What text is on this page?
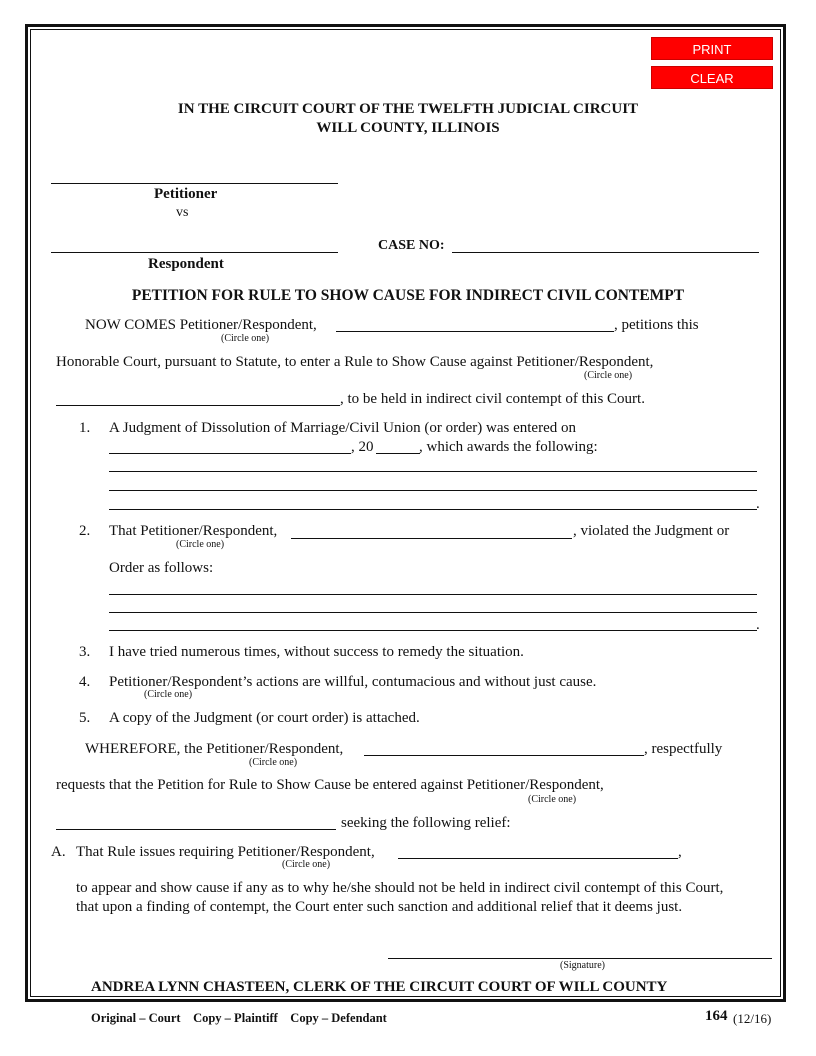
PRINT
CLEAR
IN THE CIRCUIT COURT OF THE TWELFTH JUDICIAL CIRCUIT
WILL COUNTY, ILLINOIS
Petitioner
vs
Respondent
CASE NO:
PETITION FOR RULE TO SHOW CAUSE FOR INDIRECT CIVIL CONTEMPT
NOW COMES Petitioner/Respondent,	, petitions this
(Circle one)
Honorable Court, pursuant to Statute, to enter a Rule to Show Cause against Petitioner/Respondent,
(Circle one)
, to be held in indirect civil contempt of this Court.
1. A Judgment of Dissolution of Marriage/Civil Union (or order) was entered on
, 20	, which awards the following:
.
2. That Petitioner/Respondent,	, violated the Judgment or
(Circle one)
Order as follows:
.
3. I have tried numerous times, without success to remedy the situation.
4. Petitioner/Respondent’s actions are willful, contumacious and without just cause.
(Circle one)
5. A copy of the Judgment (or court order) is attached.
WHEREFORE, the Petitioner/Respondent,	, respectfully
(Circle one)
requests that the Petition for Rule to Show Cause be entered against Petitioner/Respondent,
(Circle one)
seeking the following relief:
A. That Rule issues requiring Petitioner/Respondent,	,
(Circle one)
to appear and show cause if any as to why he/she should not be held in indirect civil contempt of this Court,
that upon a finding of contempt, the Court enter such sanction and additional relief that it deems just.
(Signature)
ANDREA LYNN CHASTEEN, CLERK OF THE CIRCUIT COURT OF WILL COUNTY
Original – Court    Copy – Plaintiff    Copy – Defendant	164 (12/16)
